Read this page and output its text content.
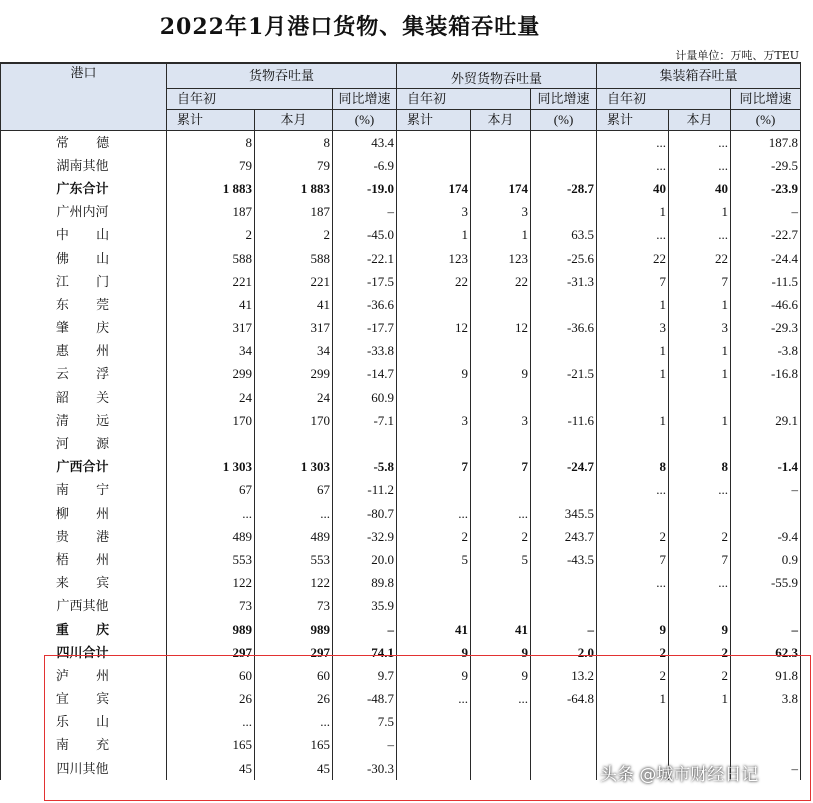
2022年1月港口货物、集装箱吞吐量
计量单位：万吨、万TEU
港口	货物吞吐量			外贸货物吞吐量			集装箱吞吐量		
	自年初		同比增速	自年初		同比增速	自年初		同比增速
	累计	本月	(%)	累计	本月	(%)	累计	本月	(%)
常 德	8	8	43.4				...	...	187.8
湖南其他	79	79	-6.9				...	...	-29.5
广东合计	1 883	1 883	-19.0	174	174	-28.7	40	40	-23.9
广州内河	187	187	–	3	3		1	1	–
中 山	2	2	-45.0	1	1	63.5	...	...	-22.7
佛 山	588	588	-22.1	123	123	-25.6	22	22	-24.4
江 门	221	221	-17.5	22	22	-31.3	7	7	-11.5
东 莞	41	41	-36.6				1	1	-46.6
肇 庆	317	317	-17.7	12	12	-36.6	3	3	-29.3
惠 州	34	34	-33.8				1	1	-3.8
云 浮	299	299	-14.7	9	9	-21.5	1	1	-16.8
韶 关	24	24	60.9						
清 远	170	170	-7.1	3	3	-11.6	1	1	29.1
河 源									
广西合计	1 303	1 303	-5.8	7	7	-24.7	8	8	-1.4
南 宁	67	67	-11.2				...	...	–
柳 州	...	...	-80.7	...	...	345.5			
贵 港	489	489	-32.9	2	2	243.7	2	2	-9.4
梧 州	553	553	20.0	5	5	-43.5	7	7	0.9
来 宾	122	122	89.8				...	...	-55.9
广西其他	73	73	35.9						
重 庆	989	989	–	41	41	–	9	9	–
四川合计	297	297	74.1	9	9	2.0	2	2	62.3
泸 州	60	60	9.7	9	9	13.2	2	2	91.8
宜 宾	26	26	-48.7	...	...	-64.8	1	1	3.8
乐 山	...	...	7.5						
南 充	165	165	–						
四川其他	45	45	-30.3						–
头条 @城市财经日记
